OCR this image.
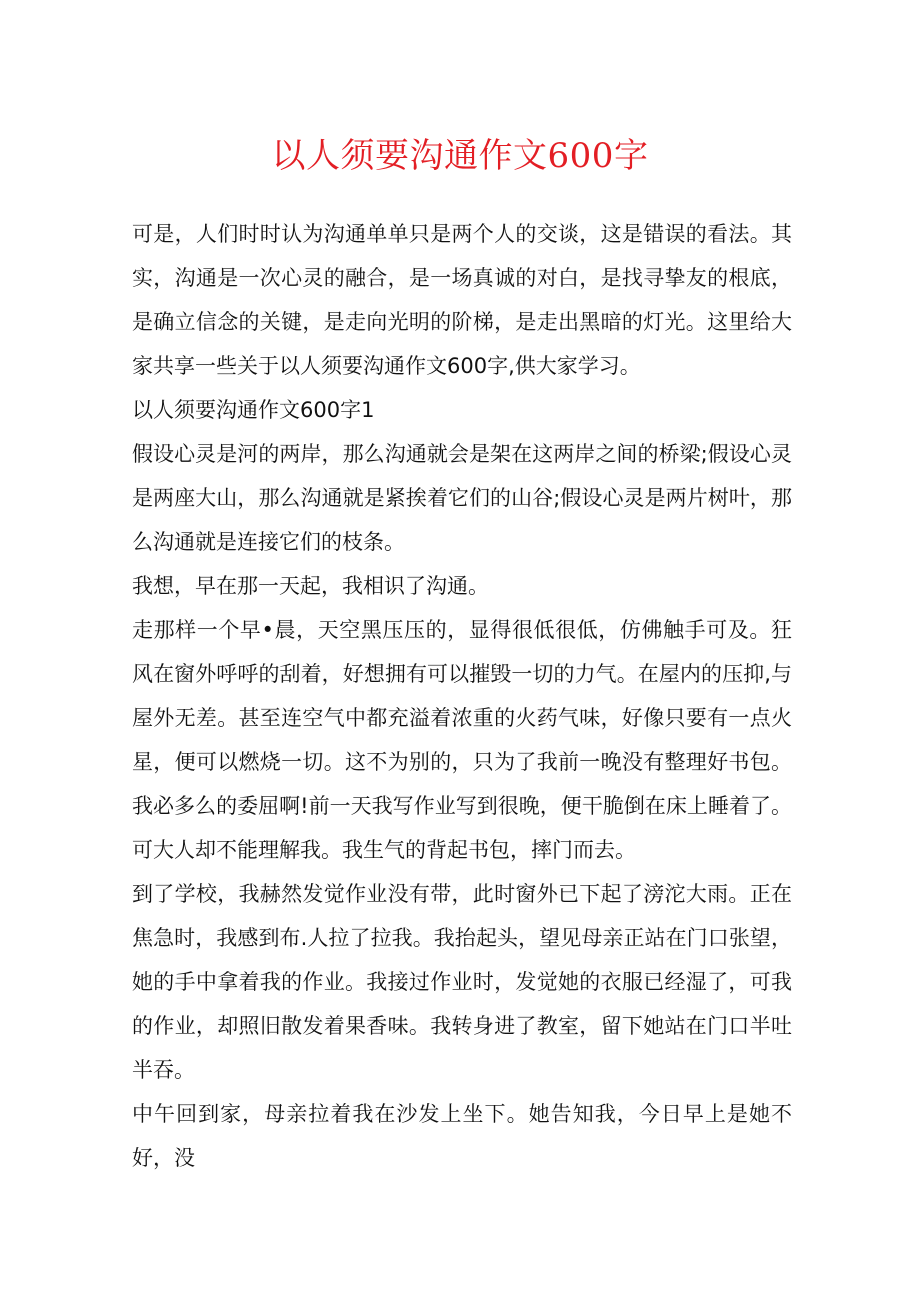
以人须要沟通作文600字

可是，人们时时认为沟通单单只是两个人的交谈，这是错误的看法。其实，沟通是一次心灵的融合，是一场真诚的对白，是找寻挚友的根底，是确立信念的关键，是走向光明的阶梯，是走出黑暗的灯光。这里给大家共享一些关于以人须要沟通作文600字,供大家学习。

以人须要沟通作文600字1

假设心灵是河的两岸，那么沟通就会是架在这两岸之间的桥梁;假设心灵是两座大山，那么沟通就是紧挨着它们的山谷;假设心灵是两片树叶，那么沟通就是连接它们的枝条。

我想，早在那一天起，我相识了沟通。

走那样一个早•晨，天空黑压压的，显得很低很低，仿佛触手可及。狂风在窗外呼呼的刮着，好想拥有可以摧毁一切的力气。在屋内的压抑,与屋外无差。甚至连空气中都充溢着浓重的火药气味，好像只要有一点火星，便可以燃烧一切。这不为别的，只为了我前一晚没有整理好书包。我必多么的委屈啊!前一天我写作业写到很晚，便干脆倒在床上睡着了。可大人却不能理解我。我生气的背起书包，摔门而去。

到了学校，我赫然发觉作业没有带，此时窗外已下起了滂沱大雨。正在焦急时，我感到布.人拉了拉我。我抬起头，望见母亲正站在门口张望，她的手中拿着我的作业。我接过作业时，发觉她的衣服已经湿了，可我的作业，却照旧散发着果香味。我转身进了教室，留下她站在门口半吐半吞。

中午回到家，母亲拉着我在沙发上坐下。她告知我，今日早上是她不好，没
